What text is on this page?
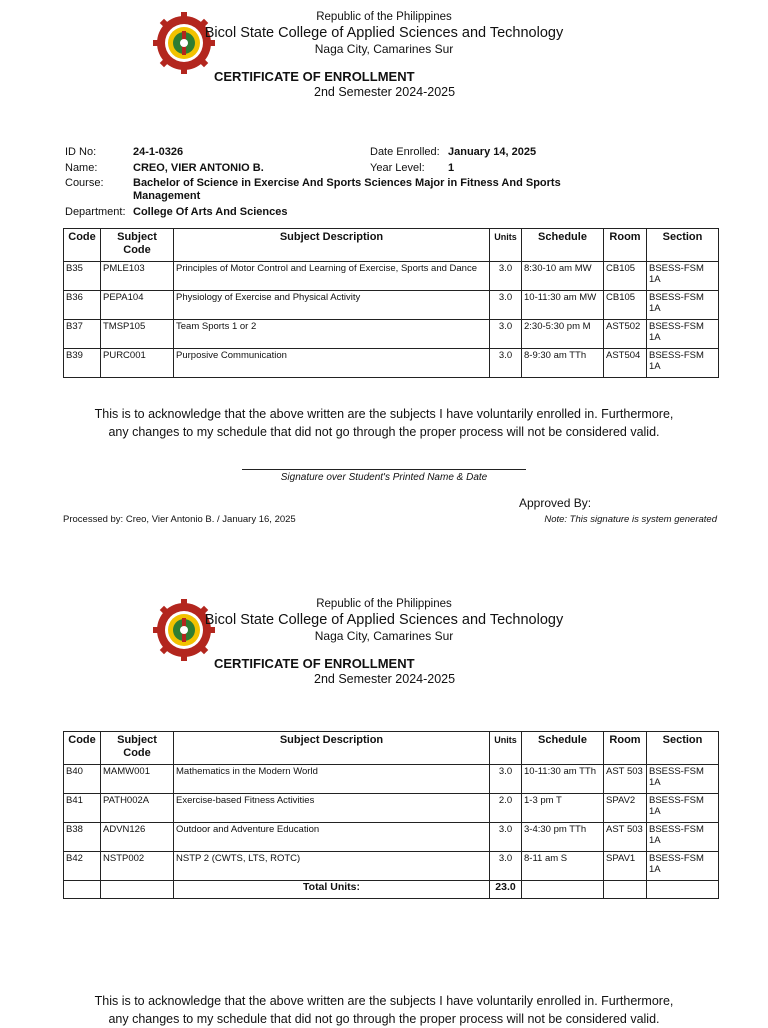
Republic of the Philippines
Bicol State College of Applied Sciences and Technology
Naga City, Camarines Sur
CERTIFICATE OF ENROLLMENT
2nd Semester 2024-2025
ID No:	24-1-0326	Date Enrolled: January 14, 2025
Name:	CREO, VIER ANTONIO B.	Year Level: 1
Course:	Bachelor of Science in Exercise And Sports Sciences Major in Fitness And Sports
Management
Department: College Of Arts And Sciences
Code	Subject
Code	Subject Description	Units	Schedule	Room	Section
B35	PMLE103	Principles of Motor Control and Learning of Exercise, Sports and Dance	3.0	8:30-10 am MW	CB105	BSESS-FSM 1A
B36	PEPA104	Physiology of Exercise and Physical Activity	3.0	10-11:30 am MW	CB105	BSESS-FSM 1A
B37	TMSP105	Team Sports 1 or 2	3.0	2:30-5:30 pm M	AST502	BSESS-FSM 1A
B39	PURC001	Purposive Communication	3.0	8-9:30 am TTh	AST504	BSESS-FSM 1A
This is to acknowledge that the above written are the subjects I have voluntarily enrolled in. Furthermore,
any changes to my schedule that did not go through the proper process will not be considered valid.
Signature over Student's Printed Name & Date
Approved By:
Processed by: Creo, Vier Antonio B. / January 16, 2025	Note: This signature is system generated
Republic of the Philippines
Bicol State College of Applied Sciences and Technology
Naga City, Camarines Sur
CERTIFICATE OF ENROLLMENT
2nd Semester 2024-2025
Code	Subject
Code	Subject Description	Units	Schedule	Room	Section
B40	MAMW001	Mathematics in the Modern World	3.0	10-11:30 am TTh	AST 503	BSESS-FSM 1A
B41	PATH002A	Exercise-based Fitness Activities	2.0	1-3 pm T	SPAV2	BSESS-FSM 1A
B38	ADVN126	Outdoor and Adventure Education	3.0	3-4:30 pm TTh	AST 503	BSESS-FSM 1A
B42	NSTP002	NSTP 2 (CWTS, LTS, ROTC)	3.0	8-11 am S	SPAV1	BSESS-FSM 1A
		Total Units:	23.0			
This is to acknowledge that the above written are the subjects I have voluntarily enrolled in. Furthermore,
any changes to my schedule that did not go through the proper process will not be considered valid.
